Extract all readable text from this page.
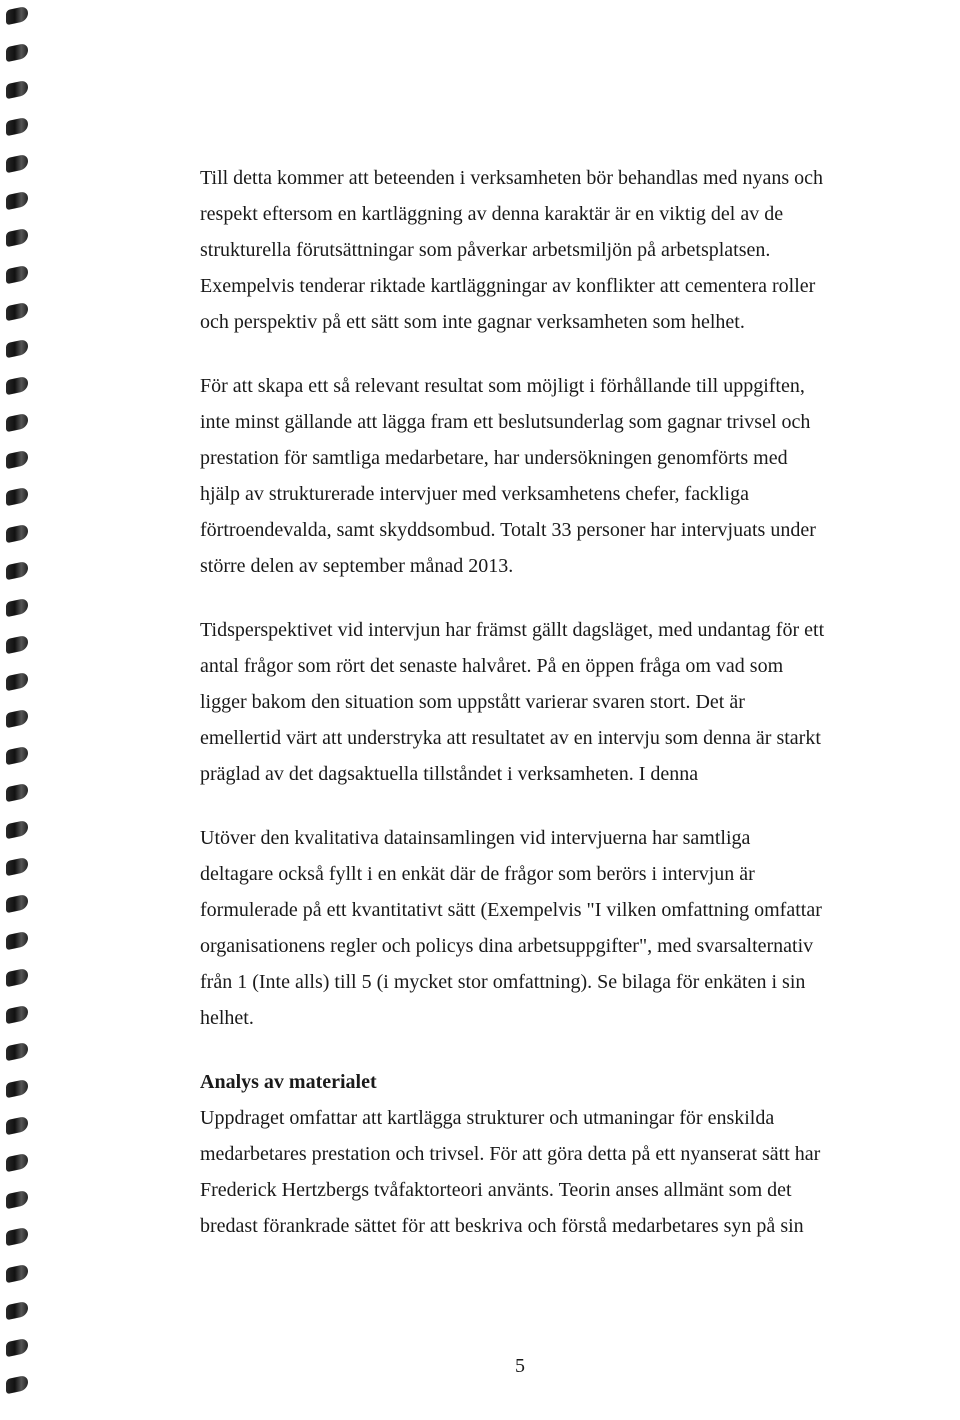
Till detta kommer att beteenden i verksamheten bör behandlas med nyans och
respekt eftersom en kartläggning av denna karaktär är en viktig del av de
strukturella förutsättningar som påverkar arbetsmiljön på arbetsplatsen.
Exempelvis tenderar riktade kartläggningar av konflikter att cementera roller
och perspektiv på ett sätt som inte gagnar verksamheten som helhet.

För att skapa ett så relevant resultat som möjligt i förhållande till uppgiften,
inte minst gällande att lägga fram ett beslutsunderlag som gagnar trivsel och
prestation för samtliga medarbetare, har undersökningen genomförts med
hjälp av strukturerade intervjuer med verksamhetens chefer, fackliga
förtroendevalda, samt skyddsombud. Totalt 33 personer har intervjuats under
större delen av september månad 2013.

Tidsperspektivet vid intervjun har främst gällt dagsläget, med undantag för ett
antal frågor som rört det senaste halvåret. På en öppen fråga om vad som
ligger bakom den situation som uppstått varierar svaren stort. Det är
emellertid värt att understryka att resultatet av en intervju som denna är starkt
präglad av det dagsaktuella tillståndet i verksamheten. I denna

Utöver den kvalitativa datainsamlingen vid intervjuerna har samtliga
deltagare också fyllt i en enkät där de frågor som berörs i intervjun är
formulerade på ett kvantitativt sätt (Exempelvis "I vilken omfattning omfattar
organisationens regler och policys dina arbetsuppgifter", med svarsalternativ
från 1 (Inte alls) till 5 (i mycket stor omfattning). Se bilaga för enkäten i sin
helhet.

Analys av materialet
Uppdraget omfattar att kartlägga strukturer och utmaningar för enskilda
medarbetares prestation och trivsel. För att göra detta på ett nyanserat sätt har
Frederick Hertzbergs tvåfaktorteori använts. Teorin anses allmänt som det
bredast förankrade sättet för att beskriva och förstå medarbetares syn på sin
5
